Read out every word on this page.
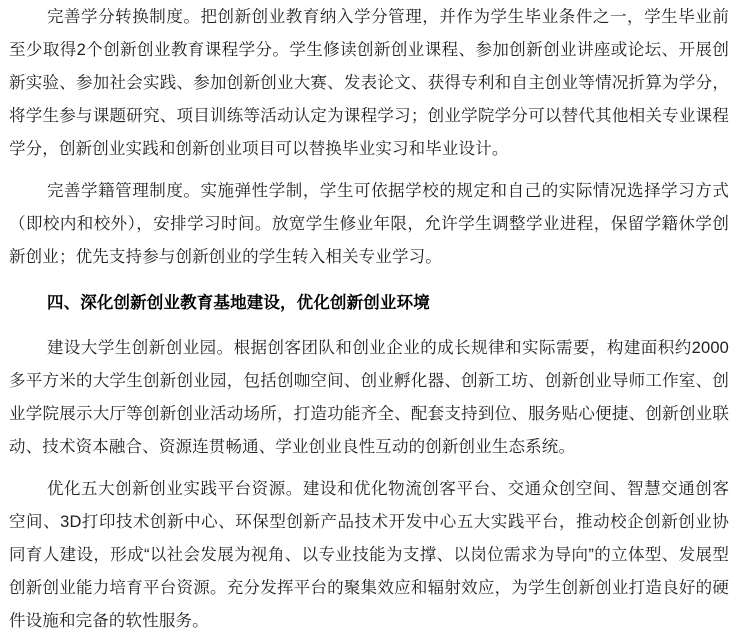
完善学分转换制度。把创新创业教育纳入学分管理，并作为学生毕业条件之一，学生毕业前至少取得2个创新创业教育课程学分。学生修读创新创业课程、参加创新创业讲座或论坛、开展创新实验、参加社会实践、参加创新创业大赛、发表论文、获得专利和自主创业等情况折算为学分，将学生参与课题研究、项目训练等活动认定为课程学习；创业学院学分可以替代其他相关专业课程学分，创新创业实践和创新创业项目可以替换毕业实习和毕业设计。

完善学籍管理制度。实施弹性学制，学生可依据学校的规定和自己的实际情况选择学习方式（即校内和校外），安排学习时间。放宽学生修业年限，允许学生调整学业进程，保留学籍休学创新创业；优先支持参与创新创业的学生转入相关专业学习。

四、深化创新创业教育基地建设，优化创新创业环境

建设大学生创新创业园。根据创客团队和创业企业的成长规律和实际需要，构建面积约2000多平方米的大学生创新创业园，包括创咖空间、创业孵化器、创新工坊、创新创业导师工作室、创业学院展示大厅等创新创业活动场所，打造功能齐全、配套支持到位、服务贴心便捷、创新创业联动、技术资本融合、资源连贯畅通、学业创业良性互动的创新创业生态系统。

优化五大创新创业实践平台资源。建设和优化物流创客平台、交通众创空间、智慧交通创客空间、3D打印技术创新中心、环保型创新产品技术开发中心五大实践平台，推动校企创新创业协同育人建设，形成“以社会发展为视角、以专业技能为支撑、以岗位需求为导向”的立体型、发展型创新创业能力培育平台资源。充分发挥平台的聚集效应和辐射效应，为学生创新创业打造良好的硬件设施和完备的软性服务。
